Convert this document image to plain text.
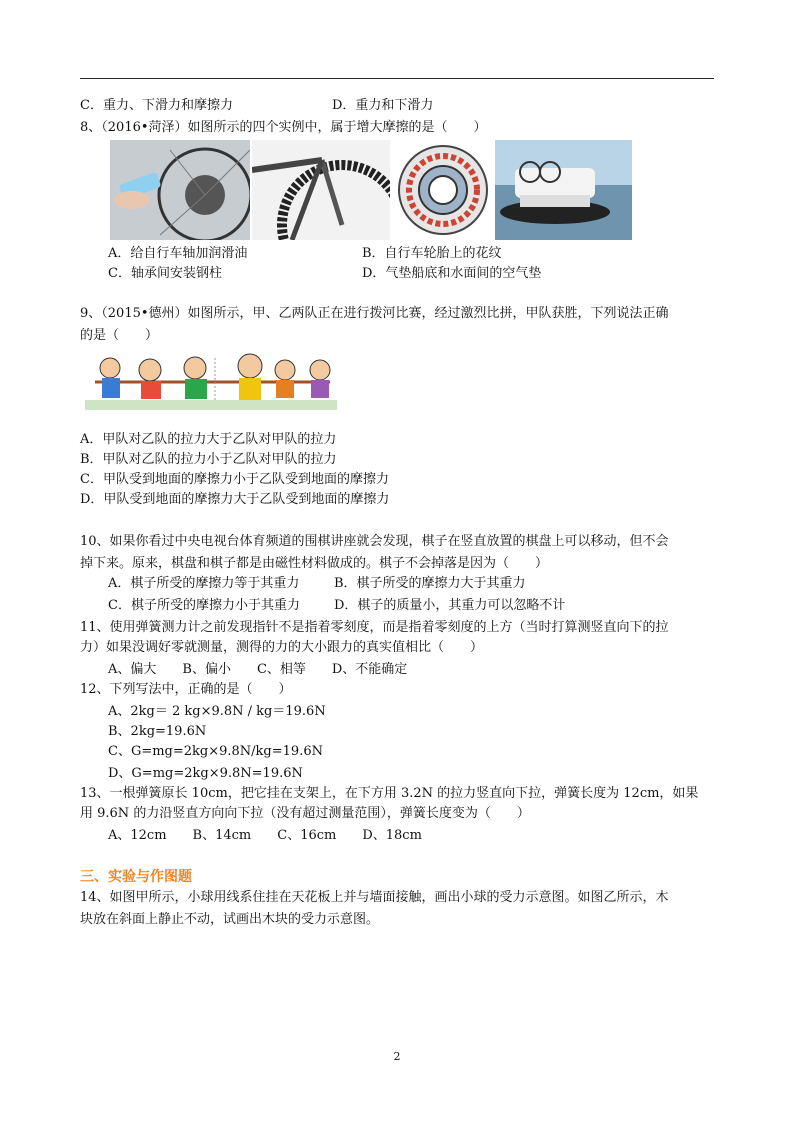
C．重力、下滑力和摩擦力	D．重力和下滑力
8、（2016•菏泽）如图所示的四个实例中，属于增大摩擦的是（　　）
A．给自行车轴加润滑油	B．自行车轮胎上的花纹
C．轴承间安装钢柱	D．气垫船底和水面间的空气垫
9、（2015•德州）如图所示，甲、乙两队正在进行拨河比赛，经过激烈比拼，甲队获胜，下列说法正确
的是（　　）
A．甲队对乙队的拉力大于乙队对甲队的拉力
B．甲队对乙队的拉力小于乙队对甲队的拉力
C．甲队受到地面的摩擦力小于乙队受到地面的摩擦力
D．甲队受到地面的摩擦力大于乙队受到地面的摩擦力
10、如果你看过中央电视台体育频道的围棋讲座就会发现，棋子在竖直放置的棋盘上可以移动，但不会
掉下来。原来，棋盘和棋子都是由磁性材料做成的。棋子不会掉落是因为（　　）
A．棋子所受的摩擦力等于其重力	B．棋子所受的摩擦力大于其重力
C．棋子所受的摩擦力小于其重力	D．棋子的质量小，其重力可以忽略不计
11、使用弹簧测力计之前发现指针不是指着零刻度，而是指着零刻度的上方（当时打算测竖直向下的拉
力）如果没调好零就测量，测得的力的大小跟力的真实值相比（　　）
A、偏大　　B、偏小　　C、相等　　D、不能确定
12、下列写法中，正确的是（　　）
A、2kg＝ 2 kg×9.8N / kg＝19.6N
B、2kg=19.6N
C、G=mg=2kg×9.8N/kg=19.6N
D、G=mg=2kg×9.8N=19.6N
13、一根弹簧原长 10cm，把它挂在支架上，在下方用 3.2N 的拉力竖直向下拉，弹簧长度为 12cm，如果
用 9.6N 的力沿竖直方向向下拉（没有超过测量范围），弹簧长度变为（　　）
A、12cm　　B、14cm　　C、16cm　　D、18cm
三、实验与作图题
14、如图甲所示，小球用线系住挂在天花板上并与墙面接触，画出小球的受力示意图。如图乙所示，木
块放在斜面上静止不动，试画出木块的受力示意图。
2
